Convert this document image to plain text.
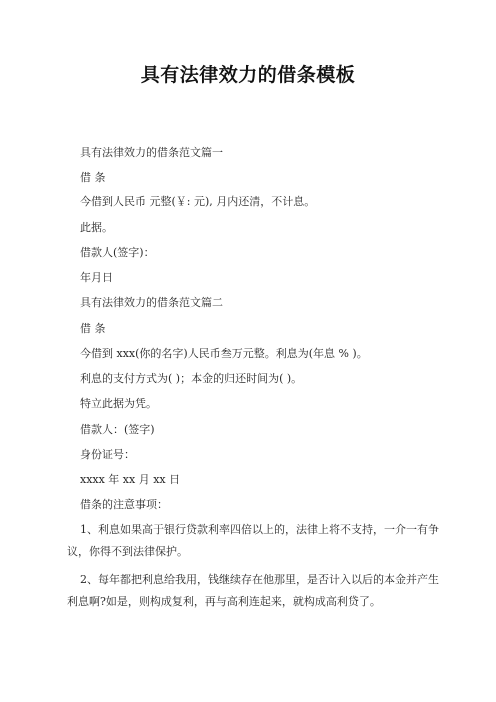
具有法律效力的借条模板
具有法律效力的借条范文篇一
借 条
今借到人民币 元整(￥: 元), 月内还清，不计息。
此据。
借款人(签字)：
年月日
具有法律效力的借条范文篇二
借 条
今借到 xxx(你的名字)人民币叁万元整。利息为(年息 % )。
利息的支付方式为( )；本金的归还时间为( )。
特立此据为凭。
借款人：(签字)
身份证号：
xxxx 年 xx 月 xx 日
借条的注意事项：
1、利息如果高于银行贷款利率四倍以上的，法律上将不支持，一介一有争议，你得不到法律保护。
2、每年都把利息给我用，钱继续存在他那里，是否计入以后的本金并产生利息啊?如是，则构成复利，再与高利连起来，就构成高利贷了。
